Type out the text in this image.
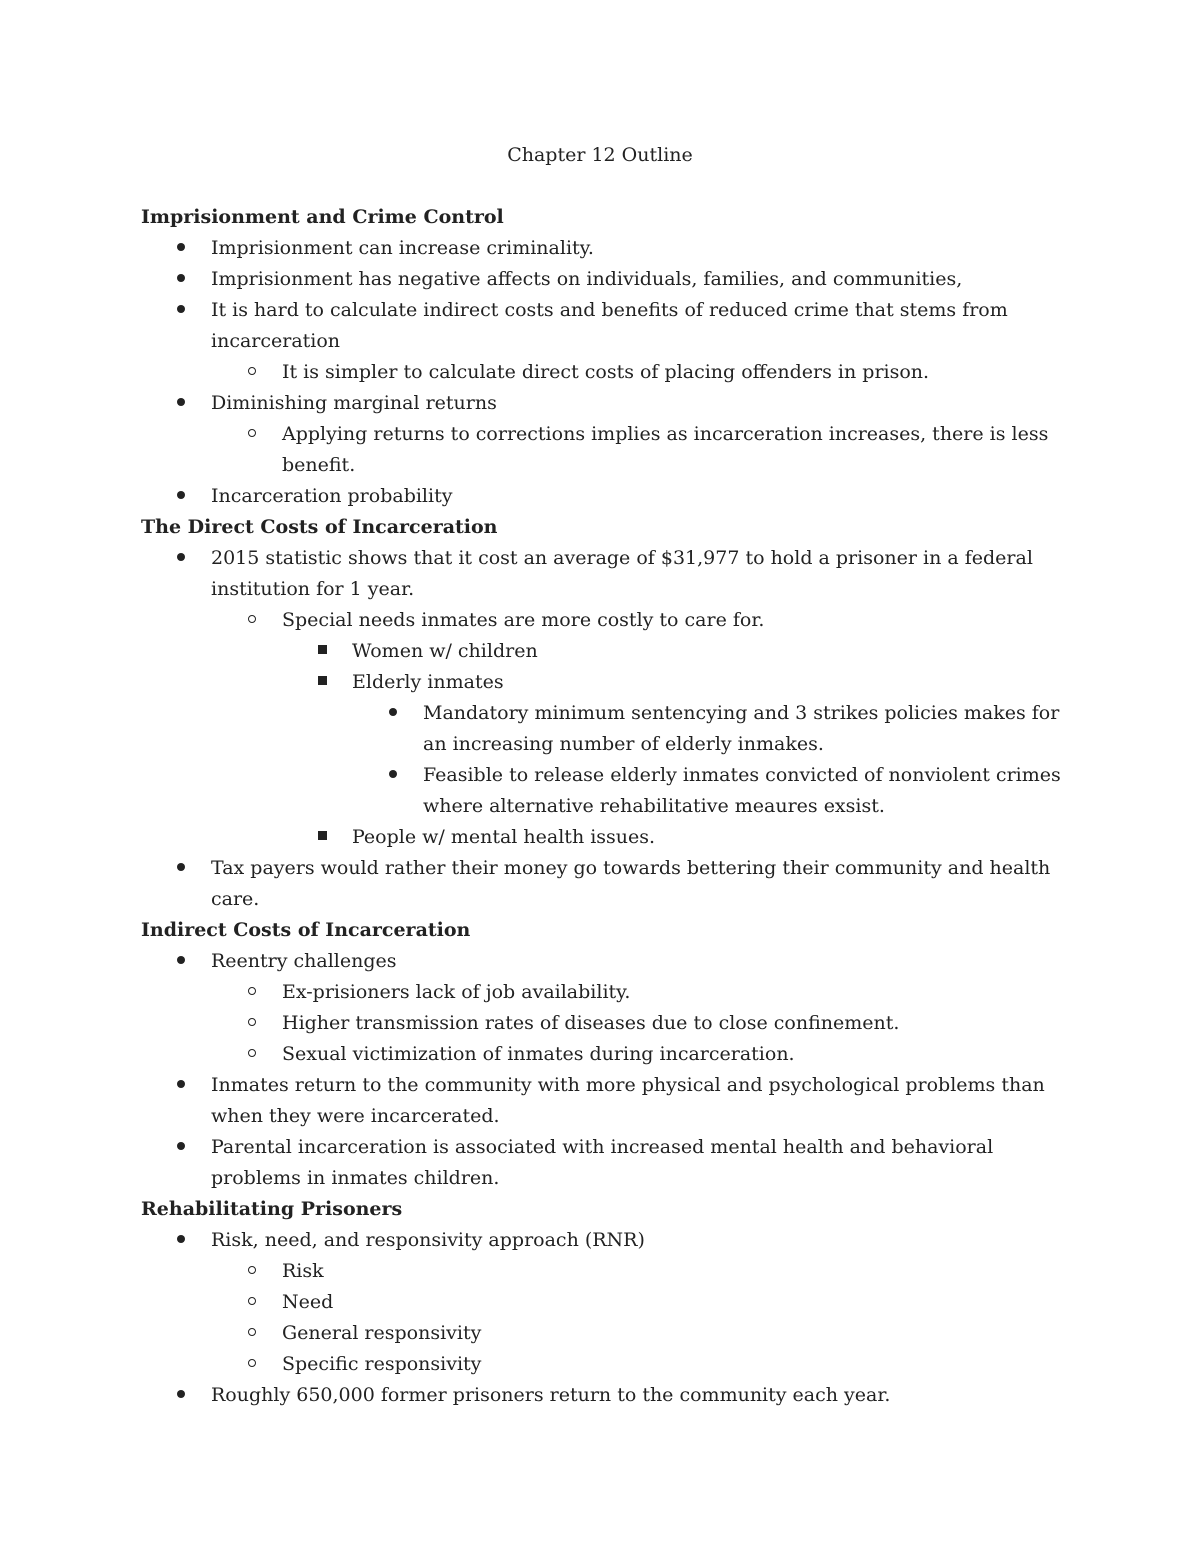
Chapter 12 Outline
Imprisionment and Crime Control
Imprisionment can increase criminality.
Imprisionment has negative affects on individuals, families, and communities,
It is hard to calculate indirect costs and benefits of reduced crime that stems from incarceration
It is simpler to calculate direct costs of placing offenders in prison.
Diminishing marginal returns
Applying returns to corrections implies as incarceration increases, there is less benefit.
Incarceration probability
The Direct Costs of Incarceration
2015 statistic shows that it cost an average of $31,977 to hold a prisoner in a federal institution for 1 year.
Special needs inmates are more costly to care for.
Women w/ children
Elderly inmates
Mandatory minimum sentencying and 3 strikes policies makes for an increasing number of elderly inmakes.
Feasible to release elderly inmates convicted of nonviolent crimes where alternative rehabilitative meaures exsist.
People w/ mental health issues.
Tax payers would rather their money go towards bettering their community and health care.
Indirect Costs of Incarceration
Reentry challenges
Ex-prisioners lack of job availability.
Higher transmission rates of diseases due to close confinement.
Sexual victimization of inmates during incarceration.
Inmates return to the community with more physical and psychological problems than when they were incarcerated.
Parental incarceration is associated with increased mental health and behavioral problems in inmates children.
Rehabilitating Prisoners
Risk, need, and responsivity approach (RNR)
Risk
Need
General responsivity
Specific responsivity
Roughly 650,000 former prisoners return to the community each year.
